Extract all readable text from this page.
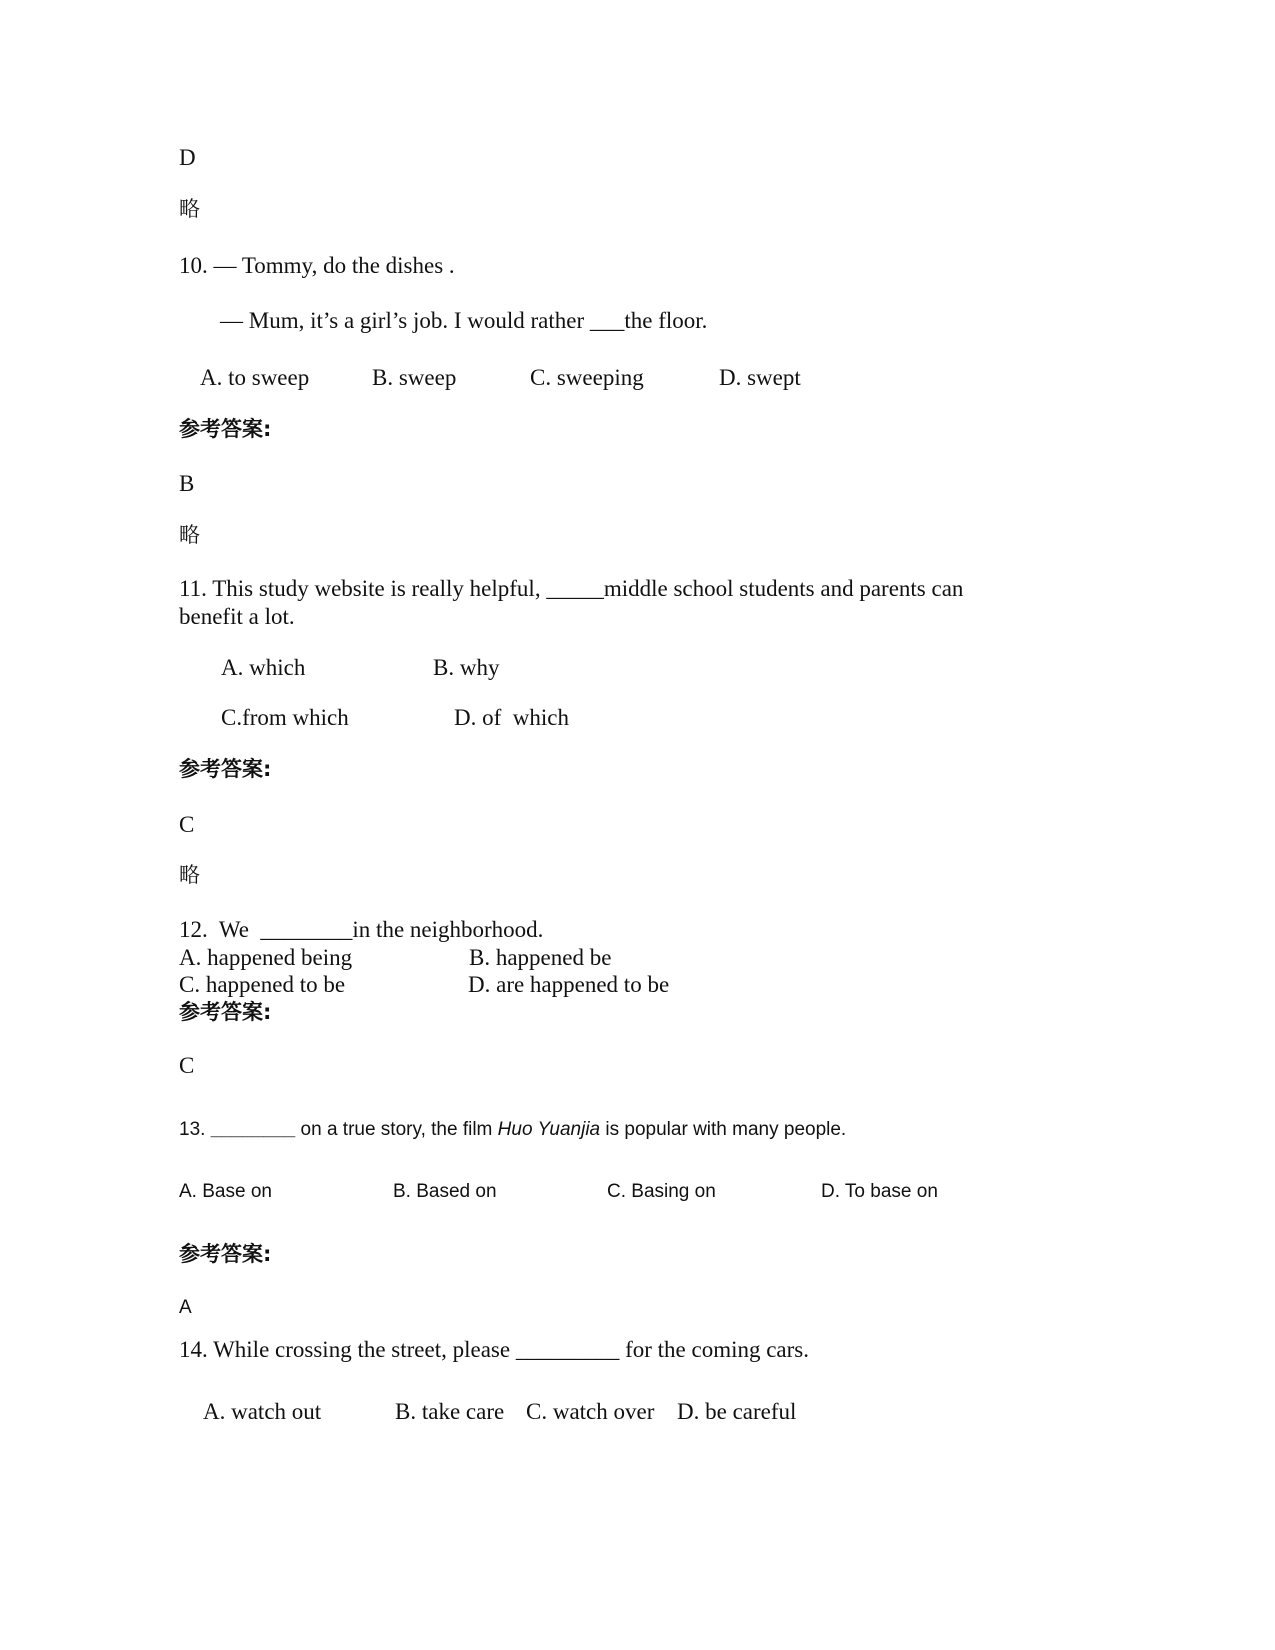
D
略
10. — Tommy, do the dishes .
— Mum, it’s a girl’s job. I would rather ___the floor.
A. to sweep	B. sweep	C. sweeping	D. swept
参考答案:
B
略
11. This study website is really helpful, _____middle school students and parents can
benefit a lot.
A. which	B. why
C.from which	D. of  which
参考答案:
C
略
12.  We  ________in the neighborhood.
A. happened being	B. happened be
C. happened to be	D. are happened to be
参考答案:
C
13. ________ on a true story, the film Huo Yuanjia is popular with many people.
A. Base on	B. Based on	C. Basing on	D. To base on
参考答案:
A
14. While crossing the street, please _________ for the coming cars.
A. watch out	B. take care C. watch over D. be careful
